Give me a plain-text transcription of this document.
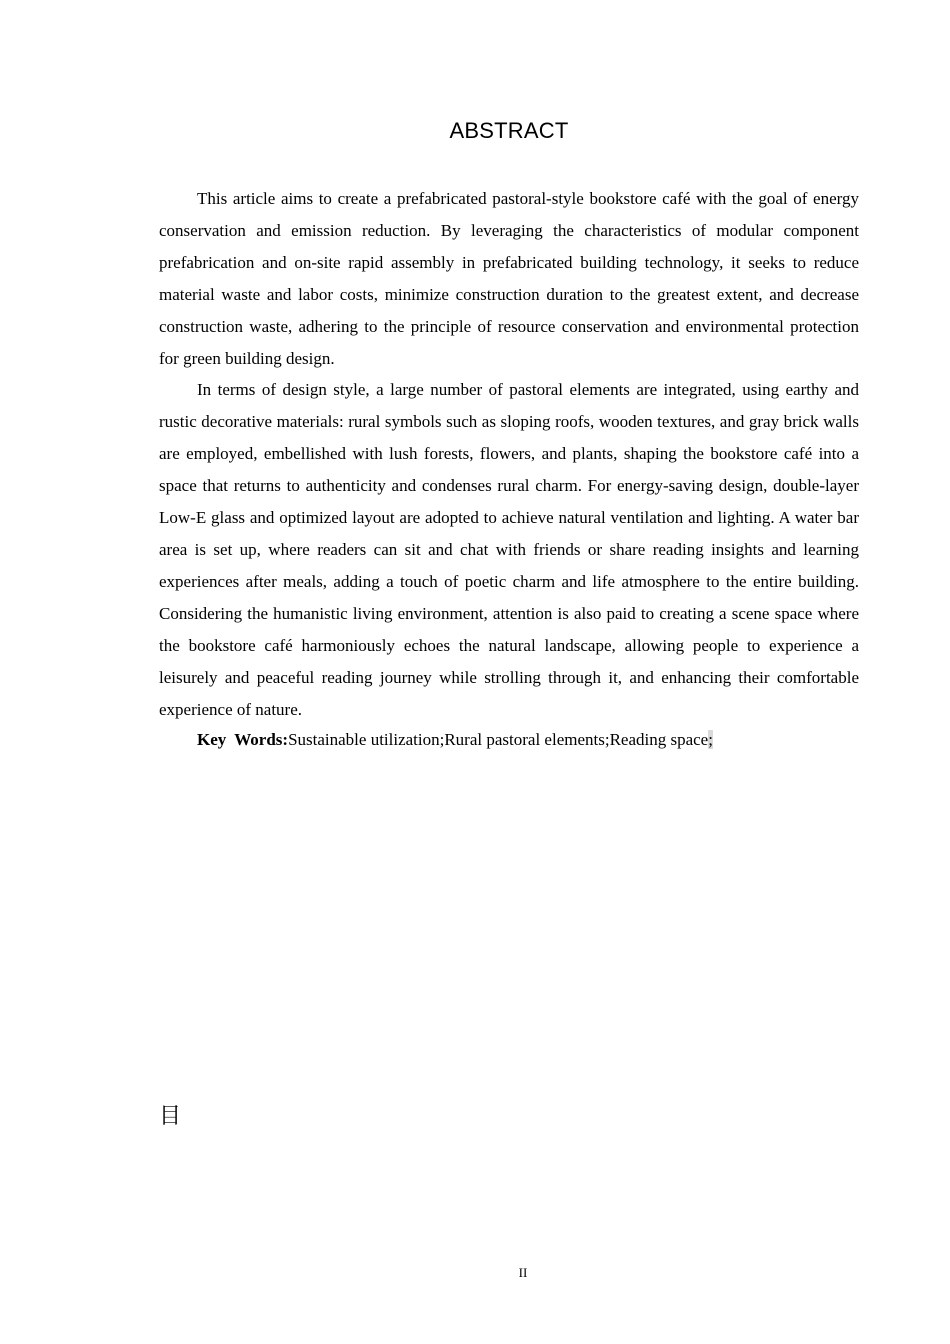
ABSTRACT

This article aims to create a prefabricated pastoral-style bookstore café with the goal of energy conservation and emission reduction. By leveraging the characteristics of modular component prefabrication and on-site rapid assembly in prefabricated building technology, it seeks to reduce material waste and labor costs, minimize construction duration to the greatest extent, and decrease construction waste, adhering to the principle of resource conservation and environmental protection for green building design.

In terms of design style, a large number of pastoral elements are integrated, using earthy and rustic decorative materials: rural symbols such as sloping roofs, wooden textures, and gray brick walls are employed, embellished with lush forests, flowers, and plants, shaping the bookstore café into a space that returns to authenticity and condenses rural charm. For energy-saving design, double-layer Low-E glass and optimized layout are adopted to achieve natural ventilation and lighting. A water bar area is set up, where readers can sit and chat with friends or share reading insights and learning experiences after meals, adding a touch of poetic charm and life atmosphere to the entire building. Considering the humanistic living environment, attention is also paid to creating a scene space where the bookstore café harmoniously echoes the natural landscape, allowing people to experience a leisurely and peaceful reading journey while strolling through it, and enhancing their comfortable experience of nature.

Key Words:Sustainable utilization;Rural pastoral elements;Reading space;

目
II
